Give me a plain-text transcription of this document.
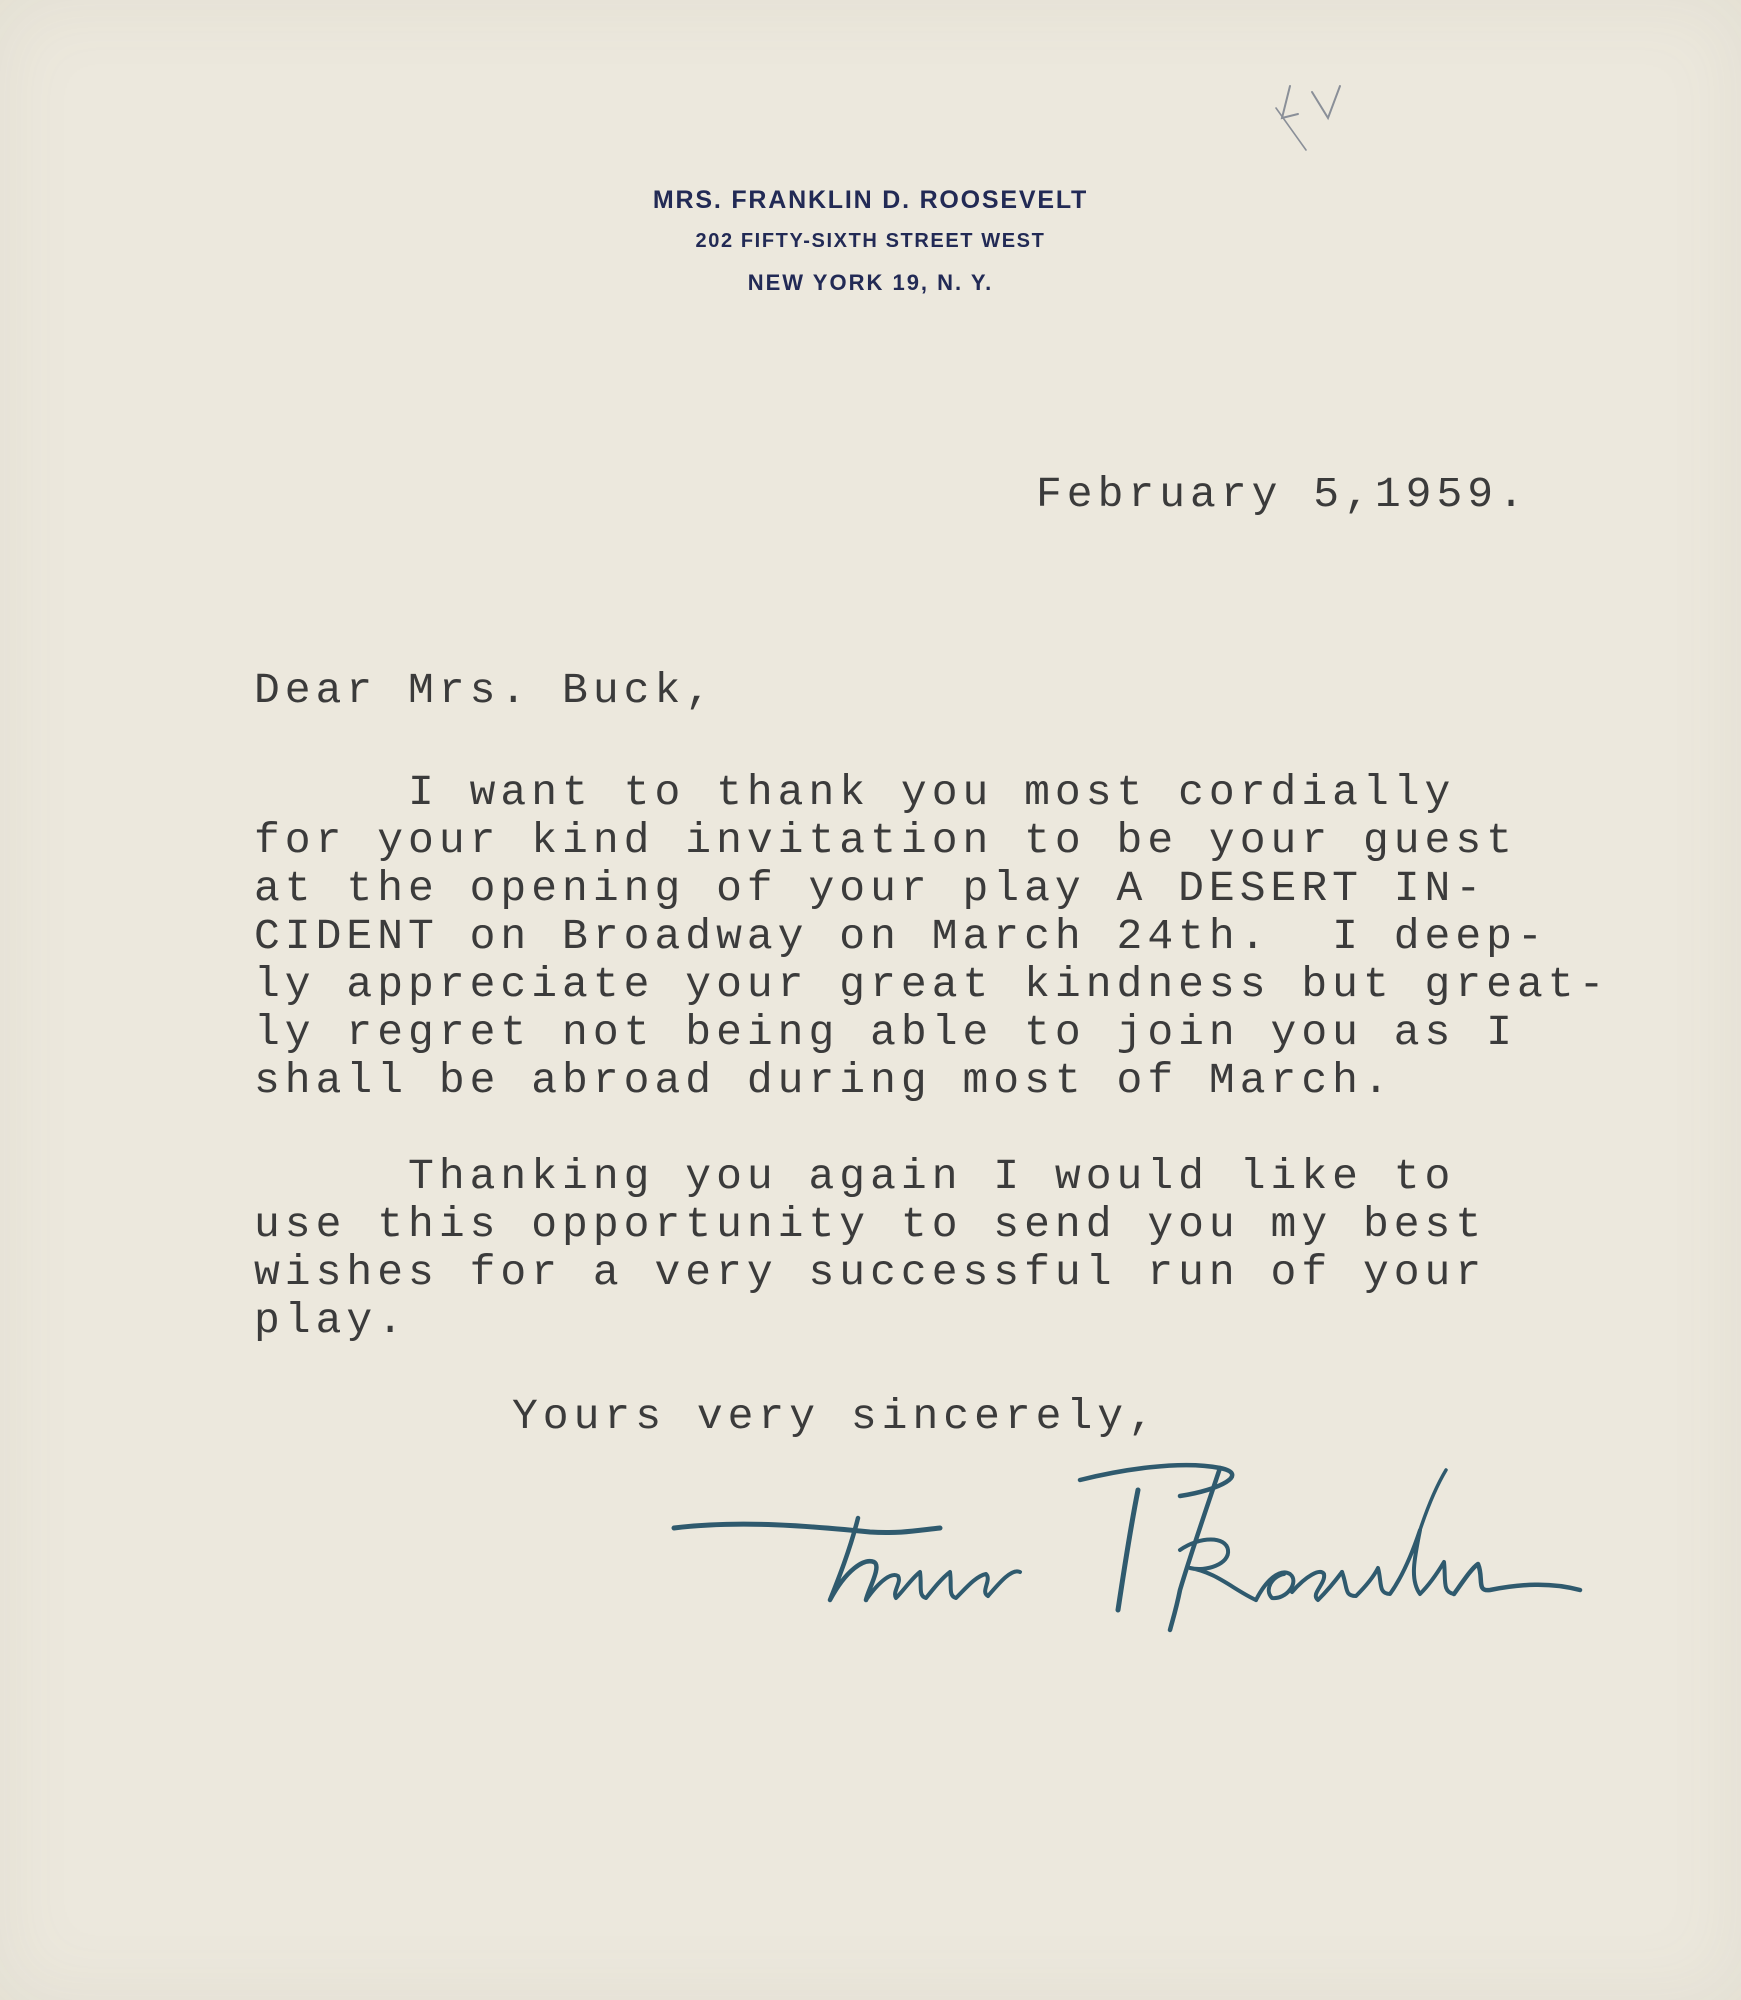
MRS. FRANKLIN D. ROOSEVELT
202 FIFTY-SIXTH STREET WEST
NEW YORK 19, N. Y.
February 5,1959.
Dear Mrs. Buck,
I want to thank you most cordially
for your kind invitation to be your guest
at the opening of your play A DESERT IN-
CIDENT on Broadway on March 24th.  I deep-
ly appreciate your great kindness but great-
ly regret not being able to join you as I
shall be abroad during most of March.
Thanking you again I would like to
use this opportunity to send you my best
wishes for a very successful run of your
play.
Yours very sincerely,
